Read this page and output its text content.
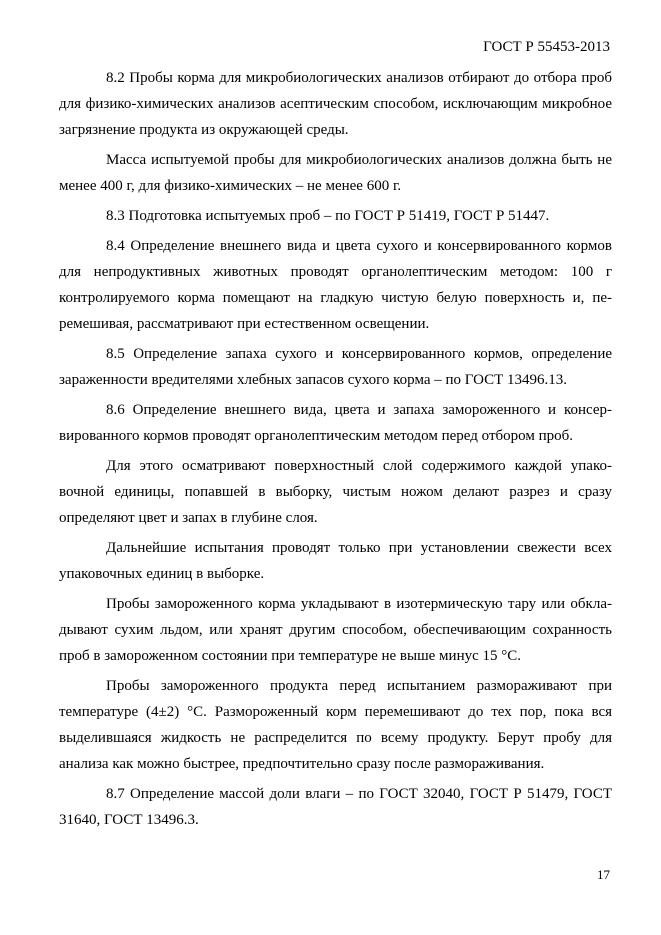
ГОСТ Р 55453-2013

8.2 Пробы корма для микробиологических анализов отбирают до отбора проб для физико-химических анализов асептическим способом, исключающим микробное загрязнение продукта из окружающей среды.

Масса испытуемой пробы для микробиологических анализов должна быть не менее 400 г, для физико-химических – не менее 600 г.

8.3 Подготовка испытуемых проб – по ГОСТ Р 51419, ГОСТ Р 51447.

8.4 Определение внешнего вида и цвета сухого и консервированного кормов для непродуктивных животных проводят органолептическим методом: 100 г контролируемого корма помещают на гладкую чистую белую поверхность и, перемешивая, рассматривают при естественном освещении.

8.5 Определение запаха сухого и консервированного кормов, определение зараженности вредителями хлебных запасов сухого корма – по ГОСТ 13496.13.

8.6 Определение внешнего вида, цвета и запаха замороженного и консервированного кормов проводят органолептическим методом перед отбором проб.

Для этого осматривают поверхностный слой содержимого каждой упаковочной единицы, попавшей в выборку, чистым ножом делают разрез и сразу определяют цвет и запах в глубине слоя.

Дальнейшие испытания проводят только при установлении свежести всех упаковочных единиц в выборке.

Пробы замороженного корма укладывают в изотермическую тару или обкладывают сухим льдом, или хранят другим способом, обеспечивающим сохранность проб в замороженном состоянии при температуре не выше минус 15 °С.

Пробы замороженного продукта перед испытанием размораживают при температуре (4±2) °С. Размороженный корм перемешивают до тех пор, пока вся выделившаяся жидкость не распределится по всему продукту. Берут пробу для анализа как можно быстрее, предпочтительно сразу после размораживания.

8.7 Определение массой доли влаги – по ГОСТ 32040, ГОСТ Р 51479, ГОСТ 31640, ГОСТ 13496.3.

17
